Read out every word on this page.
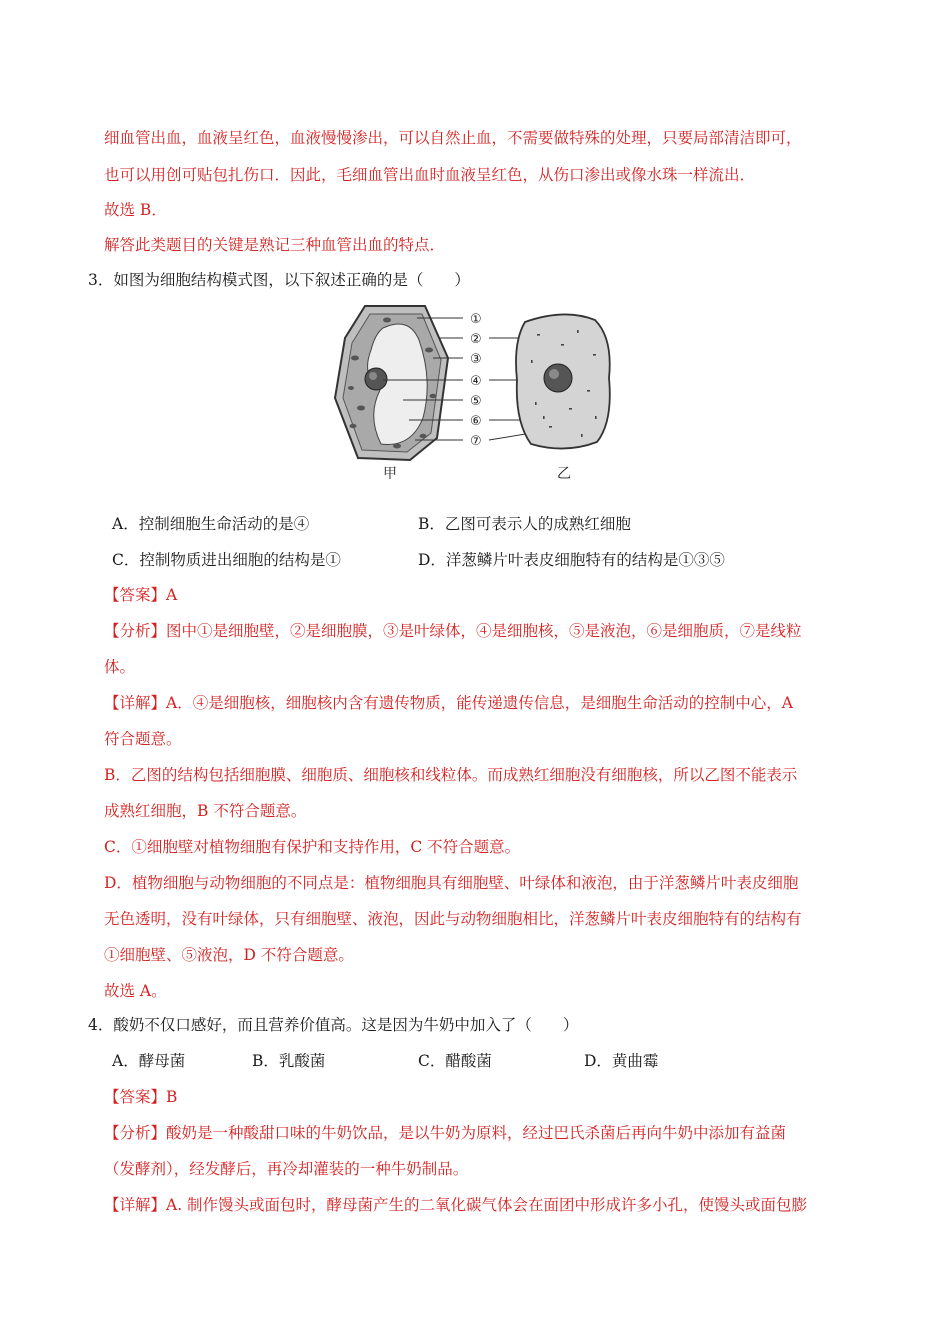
细血管出血，血液呈红色，血液慢慢渗出，可以自然止血，不需要做特殊的处理，只要局部清洁即可，
也可以用创可贴包扎伤口．因此，毛细血管出血时血液呈红色，从伤口渗出或像水珠一样流出．
故选 B．
解答此类题目的关键是熟记三种血管出血的特点．
3．如图为细胞结构模式图，以下叙述正确的是（　　）
①
②
③
④
⑤
⑥
⑦
甲	乙
A．控制细胞生命活动的是④	B．乙图可表示人的成熟红细胞
C．控制物质进出细胞的结构是①	D．洋葱鳞片叶表皮细胞特有的结构是①③⑤
【答案】A
【分析】图中①是细胞壁，②是细胞膜，③是叶绿体，④是细胞核，⑤是液泡，⑥是细胞质，⑦是线粒
体。
【详解】A．④是细胞核，细胞核内含有遗传物质，能传递遗传信息，是细胞生命活动的控制中心，A
符合题意。
B．乙图的结构包括细胞膜、细胞质、细胞核和线粒体。而成熟红细胞没有细胞核，所以乙图不能表示
成熟红细胞，B 不符合题意。
C．①细胞壁对植物细胞有保护和支持作用，C 不符合题意。
D．植物细胞与动物细胞的不同点是：植物细胞具有细胞壁、叶绿体和液泡，由于洋葱鳞片叶表皮细胞
无色透明，没有叶绿体，只有细胞壁、液泡，因此与动物细胞相比，洋葱鳞片叶表皮细胞特有的结构有
①细胞壁、⑤液泡，D 不符合题意。
故选 A。
4．酸奶不仅口感好，而且营养价值高。这是因为牛奶中加入了（　　）
A．酵母菌	B．乳酸菌	C．醋酸菌	D．黄曲霉
【答案】B
【分析】酸奶是一种酸甜口味的牛奶饮品，是以牛奶为原料，经过巴氏杀菌后再向牛奶中添加有益菌
（发酵剂），经发酵后，再冷却灌装的一种牛奶制品。
【详解】A. 制作馒头或面包时，酵母菌产生的二氧化碳气体会在面团中形成许多小孔，使馒头或面包膨
